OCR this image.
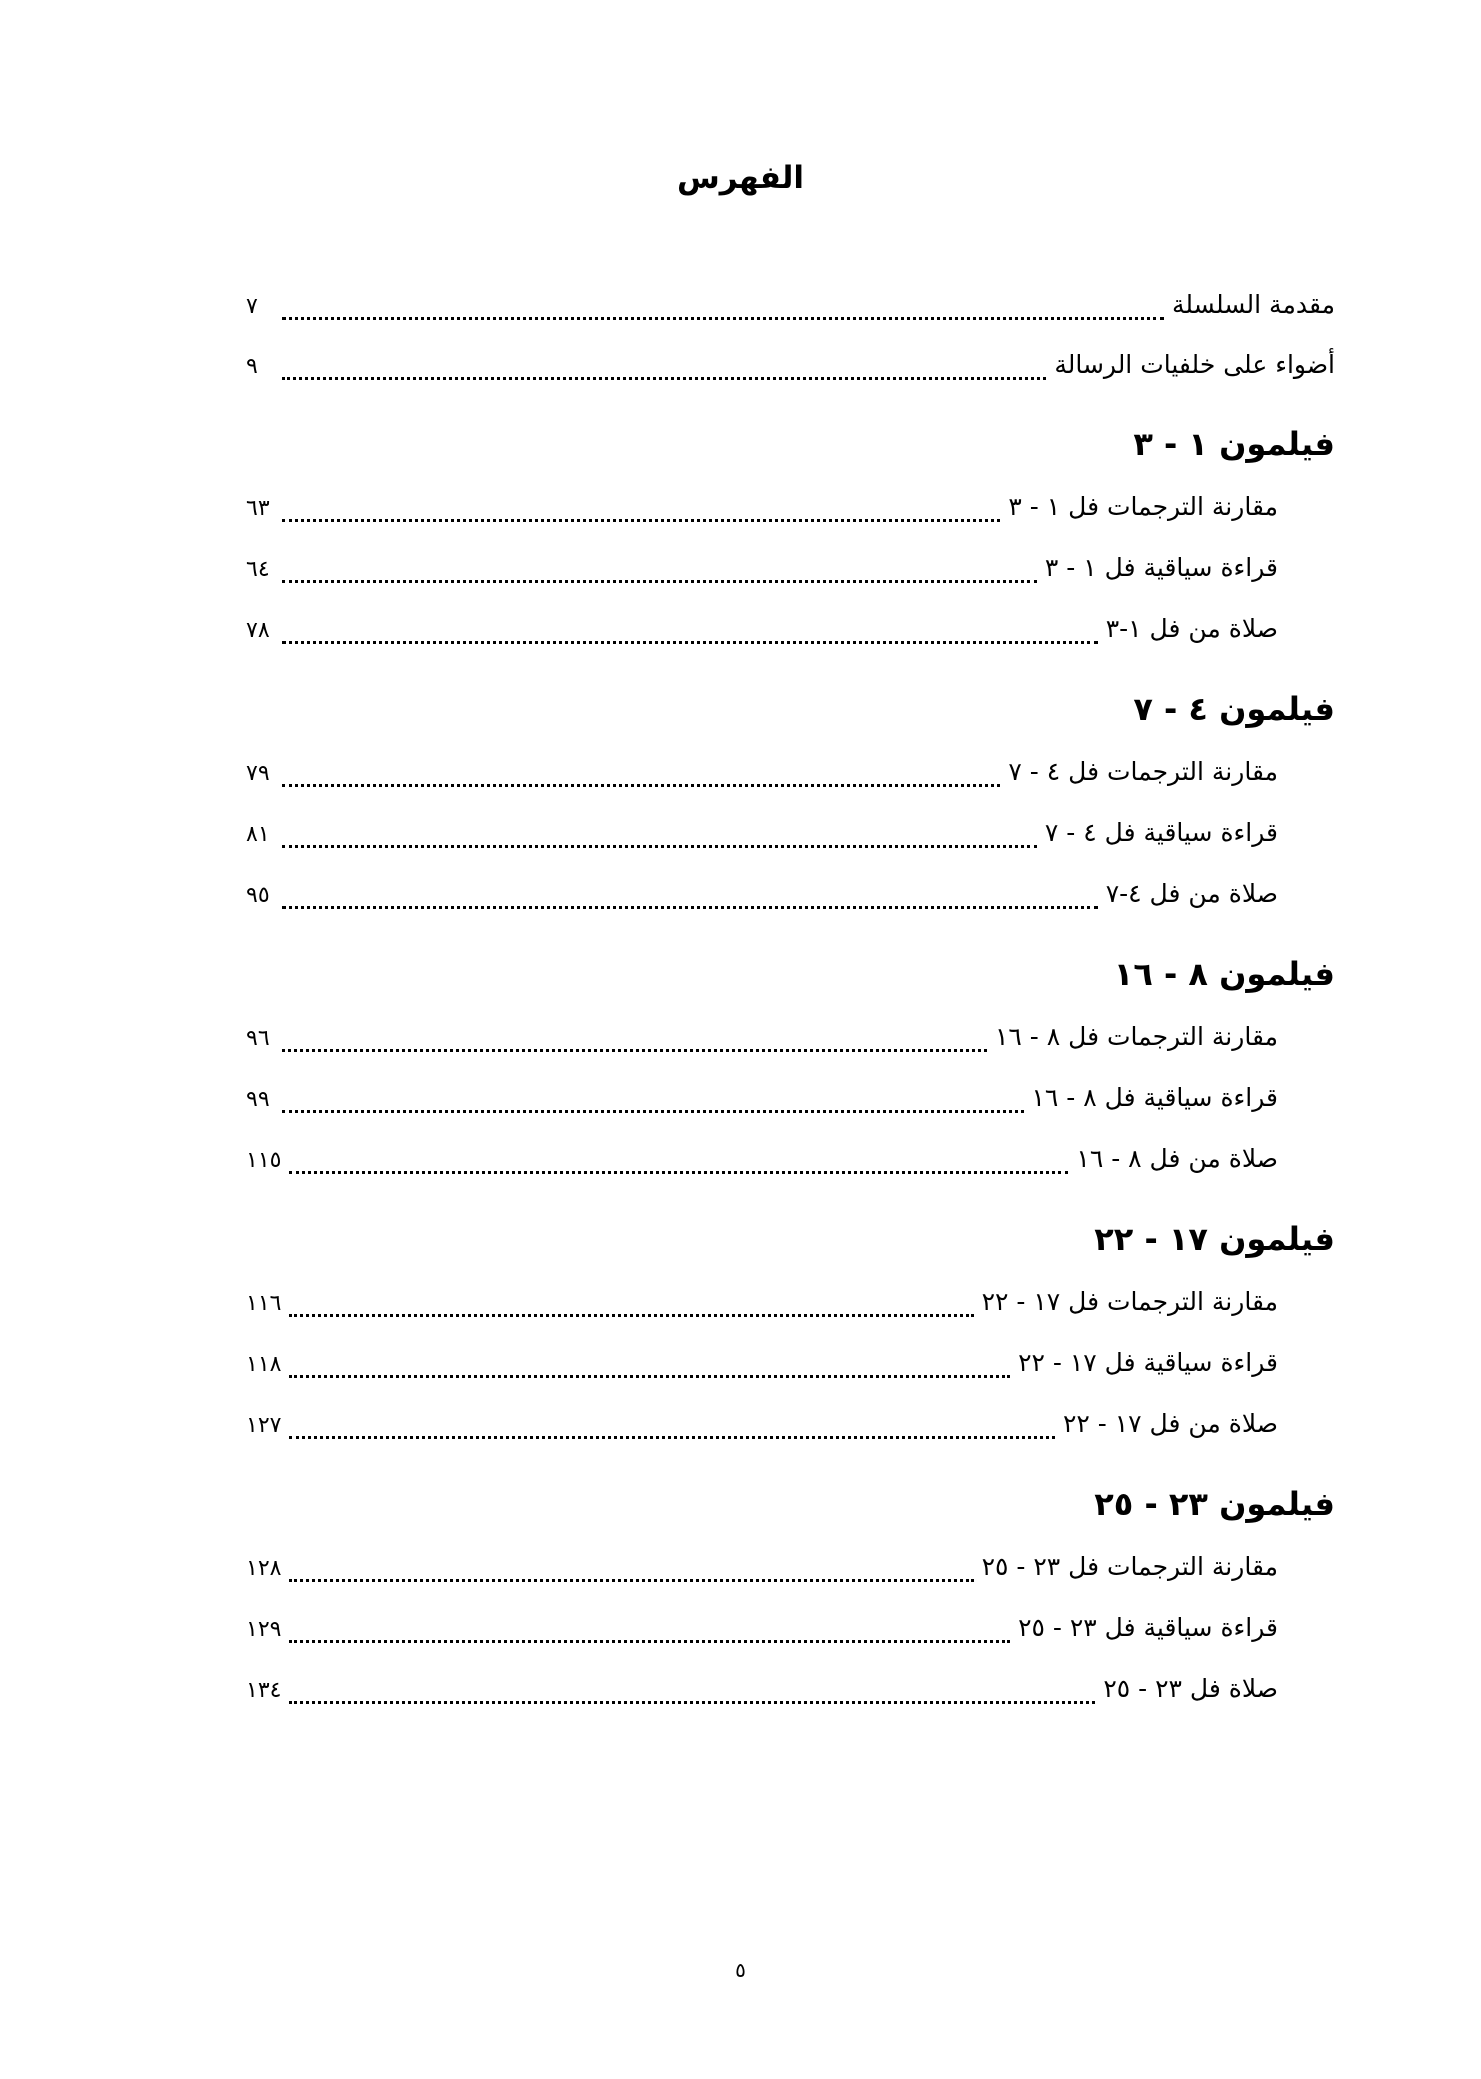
الفهرس
مقدمة السلسلة
٧
أضواء على خلفيات الرسالة
٩
فيلمون ١ - ٣
مقارنة الترجمات فل ١ - ٣
٦٣
قراءة سياقية فل ١ - ٣
٦٤
صلاة من فل ١-٣
٧٨
فيلمون ٤ - ٧
مقارنة الترجمات فل ٤ - ٧
٧٩
قراءة سياقية فل ٤ - ٧
٨١
صلاة من فل ٤-٧
٩٥
فيلمون ٨ - ١٦
مقارنة الترجمات فل ٨ - ١٦
٩٦
قراءة سياقية فل ٨ - ١٦
٩٩
صلاة من فل ٨ - ١٦
١١٥
فيلمون ١٧ - ٢٢
مقارنة الترجمات فل ١٧ - ٢٢
١١٦
قراءة سياقية فل ١٧ - ٢٢
١١٨
صلاة من فل ١٧ - ٢٢
١٢٧
فيلمون ٢٣ - ٢٥
مقارنة الترجمات فل ٢٣ - ٢٥
١٢٨
قراءة سياقية فل ٢٣ - ٢٥
١٢٩
صلاة فل ٢٣ - ٢٥
١٣٤
٥
